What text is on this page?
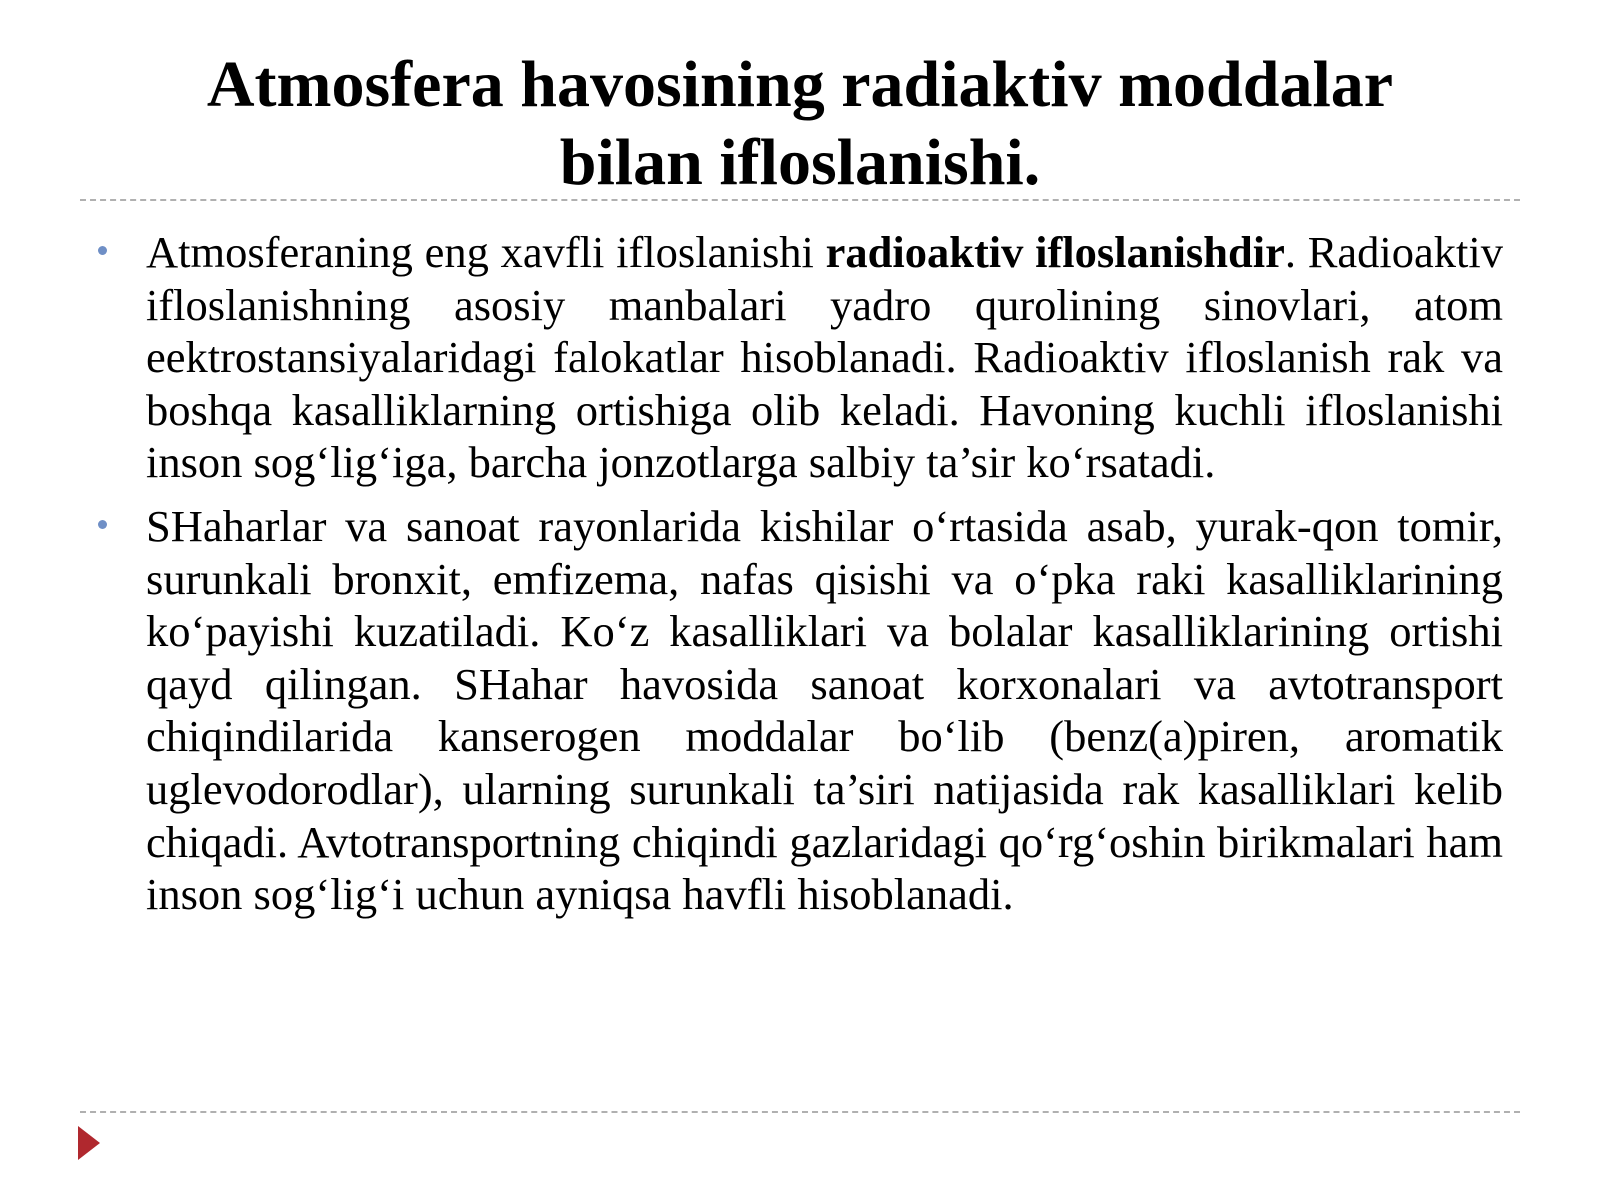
Atmosfera havosining radiaktiv moddalar
bilan ifloslanishi.
Atmosferaning eng xavfli ifloslanishi radioaktiv ifloslanishdir. Radioaktiv ifloslanishning asosiy manbalari yadro qurolining sinovlari, atom eektrostansiyalaridagi falokatlar hisoblanadi. Radioaktiv ifloslanish rak va boshqa kasalliklarning ortishiga olib keladi. Havoning kuchli ifloslanishi inson sog‘lig‘iga, barcha jonzotlarga salbiy ta’sir ko‘rsatadi.
SHaharlar va sanoat rayonlarida kishilar o‘rtasida asab, yurak-qon tomir, surunkali bronxit, emfizema, nafas qisishi va o‘pka raki kasalliklarining ko‘payishi kuzatiladi. Ko‘z kasalliklari va bolalar kasalliklarining ortishi qayd qilingan. SHahar havosida sanoat korxonalari va avtotransport chiqindilarida kanserogen moddalar bo‘lib (benz(a)piren, aromatik uglevodorodlar), ularning surunkali ta’siri natijasida rak kasalliklari kelib chiqadi. Avtotransportning chiqindi gazlaridagi qo‘rg‘oshin birikmalari ham inson sog‘lig‘i uchun ayniqsa havfli hisoblanadi.
